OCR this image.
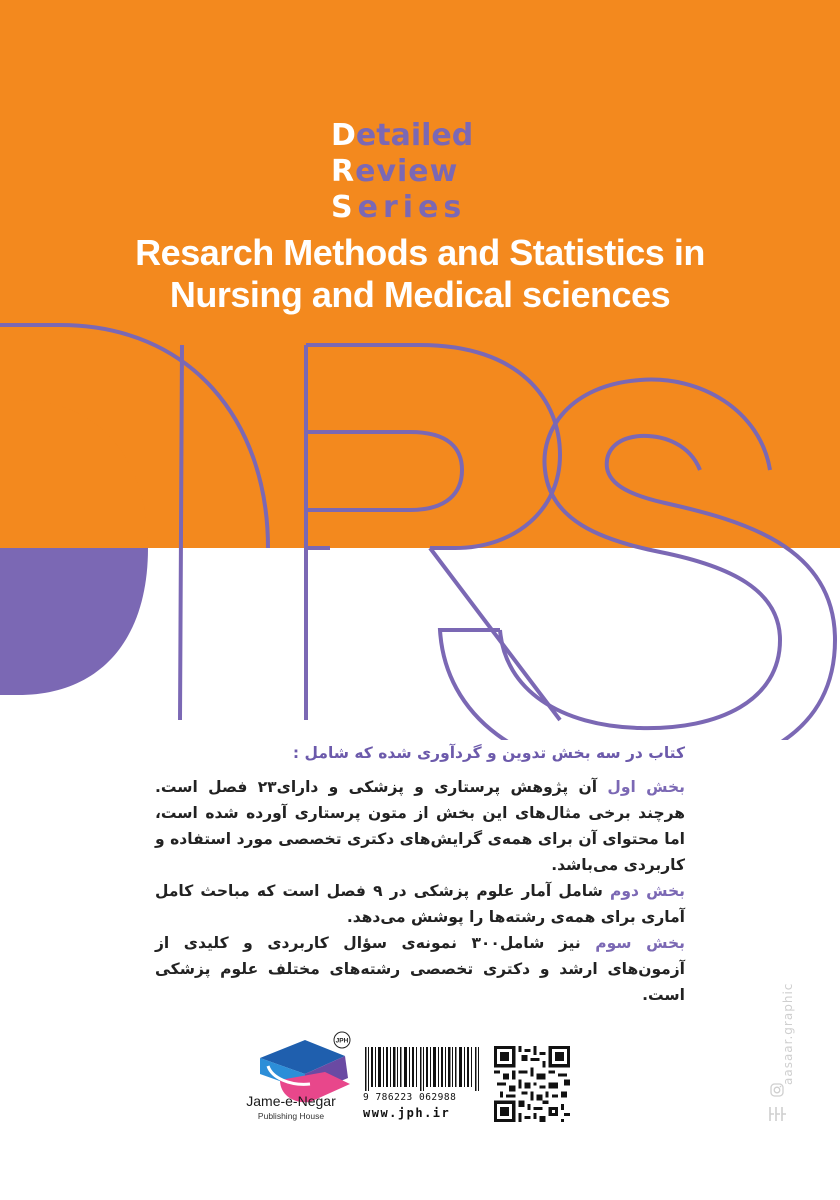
Detailed
Review
Series
Resarch Methods and Statistics in
Nursing and Medical sciences

کتاب در سه بخش تدوین و گردآوری شده که شامل :

بخش اول آن پژوهش پرستاری و پزشکی و دارای۲۳ فصل است. هرچند برخی مثال‌های این بخش از متون پرستاری آورده شده است، اما محتوای آن برای همه‌ی گرایش‌های دکتری تخصصی مورد استفاده و کاربردی می‌باشد.

بخش دوم شامل آمار علوم پزشکی در ۹ فصل است که مباحث کامل آماری برای همه‌ی رشته‌ها را پوشش می‌دهد.

بخش سوم نیز شامل۳۰۰ نمونه‌ی سؤال کاربردی و کلیدی از آزمون‌های ارشد و دکتری تخصصی رشته‌های مختلف علوم پزشکی است.

JPH
Jame-e-Negar
Publishing House
9 786223 062988
www.jph.ir
aasaar.graphic
